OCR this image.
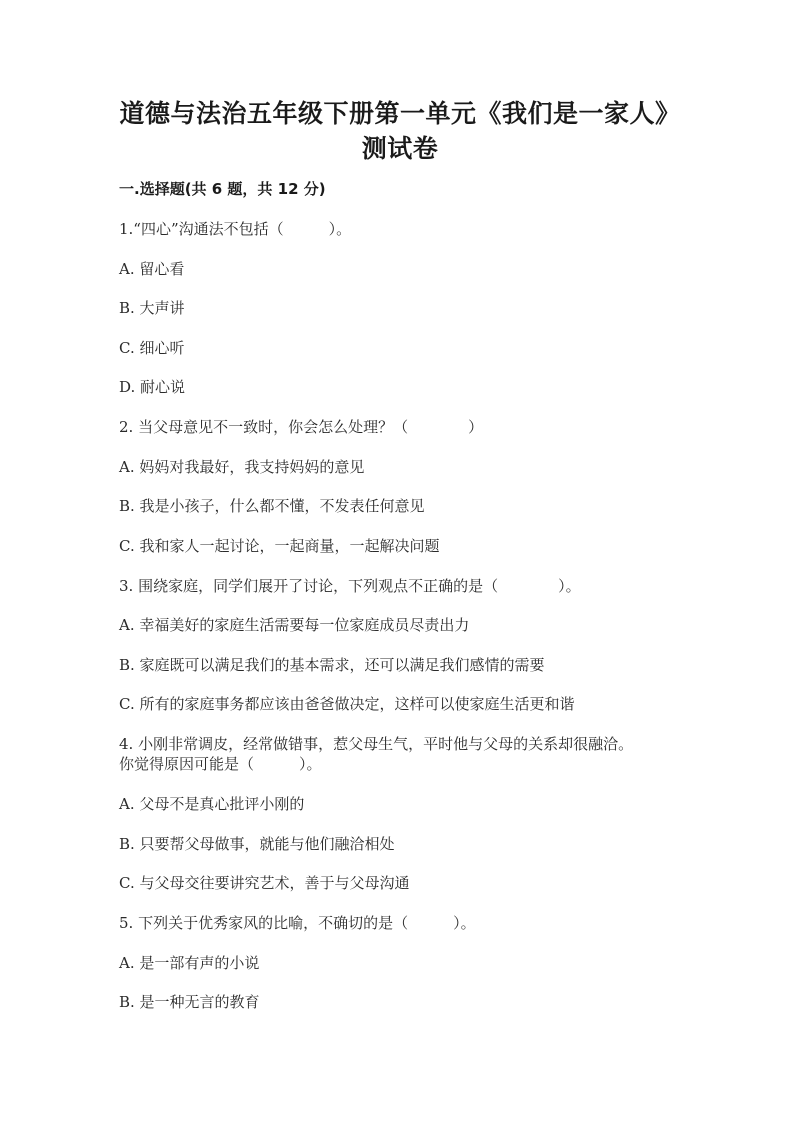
道德与法治五年级下册第一单元《我们是一家人》
测试卷
一.选择题(共 6 题，共 12 分)
1.“四心”沟通法不包括（　　　）。
A. 留心看
B. 大声讲
C. 细心听
D. 耐心说
2. 当父母意见不一致时，你会怎么处理？（　　　　）
A. 妈妈对我最好，我支持妈妈的意见
B. 我是小孩子，什么都不懂，不发表任何意见
C. 我和家人一起讨论，一起商量，一起解决问题
3. 围绕家庭，同学们展开了讨论，下列观点不正确的是（　　　　）。
A. 幸福美好的家庭生活需要每一位家庭成员尽责出力
B. 家庭既可以满足我们的基本需求，还可以满足我们感情的需要
C. 所有的家庭事务都应该由爸爸做决定，这样可以使家庭生活更和谐
4. 小刚非常调皮，经常做错事，惹父母生气，平时他与父母的关系却很融洽。
你觉得原因可能是（　　　）。
A. 父母不是真心批评小刚的
B. 只要帮父母做事，就能与他们融洽相处
C. 与父母交往要讲究艺术，善于与父母沟通
5. 下列关于优秀家风的比喻，不确切的是（　　　）。
A. 是一部有声的小说
B. 是一种无言的教育
